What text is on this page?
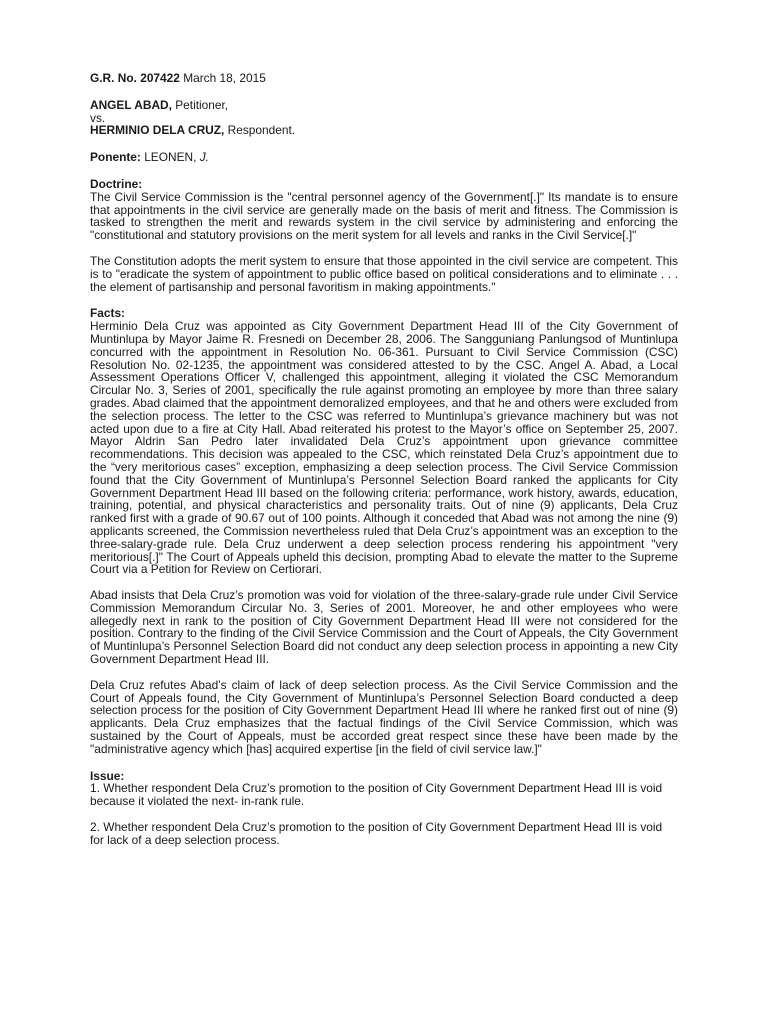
G.R. No. 207422 March 18, 2015

ANGEL ABAD, Petitioner,

vs.

HERMINIO DELA CRUZ, Respondent.

Ponente: LEONEN, J.

Doctrine:

The Civil Service Commission is the "central personnel agency of the Government[.]" Its mandate is to ensure that appointments in the civil service are generally made on the basis of merit and fitness. The Commission is tasked to strengthen the merit and rewards system in the civil service by administering and enforcing the "constitutional and statutory provisions on the merit system for all levels and ranks in the Civil Service[.]"

The Constitution adopts the merit system to ensure that those appointed in the civil service are competent. This is to "eradicate the system of appointment to public office based on political considerations and to eliminate . . . the element of partisanship and personal favoritism in making appointments."

Facts:

Herminio Dela Cruz was appointed as City Government Department Head III of the City Government of Muntinlupa by Mayor Jaime R. Fresnedi on December 28, 2006. The Sangguniang Panlungsod of Muntinlupa concurred with the appointment in Resolution No. 06-361. Pursuant to Civil Service Commission (CSC) Resolution No. 02-1235, the appointment was considered attested to by the CSC. Angel A. Abad, a Local Assessment Operations Officer V, challenged this appointment, alleging it violated the CSC Memorandum Circular No. 3, Series of 2001, specifically the rule against promoting an employee by more than three salary grades. Abad claimed that the appointment demoralized employees, and that he and others were excluded from the selection process. The letter to the CSC was referred to Muntinlupa’s grievance machinery but was not acted upon due to a fire at City Hall. Abad reiterated his protest to the Mayor’s office on September 25, 2007. Mayor Aldrin San Pedro later invalidated Dela Cruz’s appointment upon grievance committee recommendations. This decision was appealed to the CSC, which reinstated Dela Cruz’s appointment due to the “very meritorious cases” exception, emphasizing a deep selection process. The Civil Service Commission found that the City Government of Muntinlupa’s Personnel Selection Board ranked the applicants for City Government Department Head III based on the following criteria: performance, work history, awards, education, training, potential, and physical characteristics and personality traits. Out of nine (9) applicants, Dela Cruz ranked first with a grade of 90.67 out of 100 points. Although it conceded that Abad was not among the nine (9) applicants screened, the Commission nevertheless ruled that Dela Cruz’s appointment was an exception to the three-salary-grade rule. Dela Cruz underwent a deep selection process rendering his appointment "very meritorious[.]" The Court of Appeals upheld this decision, prompting Abad to elevate the matter to the Supreme Court via a Petition for Review on Certiorari.

Abad insists that Dela Cruz’s promotion was void for violation of the three-salary-grade rule under Civil Service Commission Memorandum Circular No. 3, Series of 2001. Moreover, he and other employees who were allegedly next in rank to the position of City Government Department Head III were not considered for the position. Contrary to the finding of the Civil Service Commission and the Court of Appeals, the City Government of Muntinlupa’s Personnel Selection Board did not conduct any deep selection process in appointing a new City Government Department Head III.

Dela Cruz refutes Abad’s claim of lack of deep selection process. As the Civil Service Commission and the Court of Appeals found, the City Government of Muntinlupa’s Personnel Selection Board conducted a deep selection process for the position of City Government Department Head III where he ranked first out of nine (9) applicants. Dela Cruz emphasizes that the factual findings of the Civil Service Commission, which was sustained by the Court of Appeals, must be accorded great respect since these have been made by the "administrative agency which [has] acquired expertise [in the field of civil service law.]"

Issue:

1. Whether respondent Dela Cruz’s promotion to the position of City Government Department Head III is void because it violated the next- in-rank rule.

2. Whether respondent Dela Cruz’s promotion to the position of City Government Department Head III is void for lack of a deep selection process.
